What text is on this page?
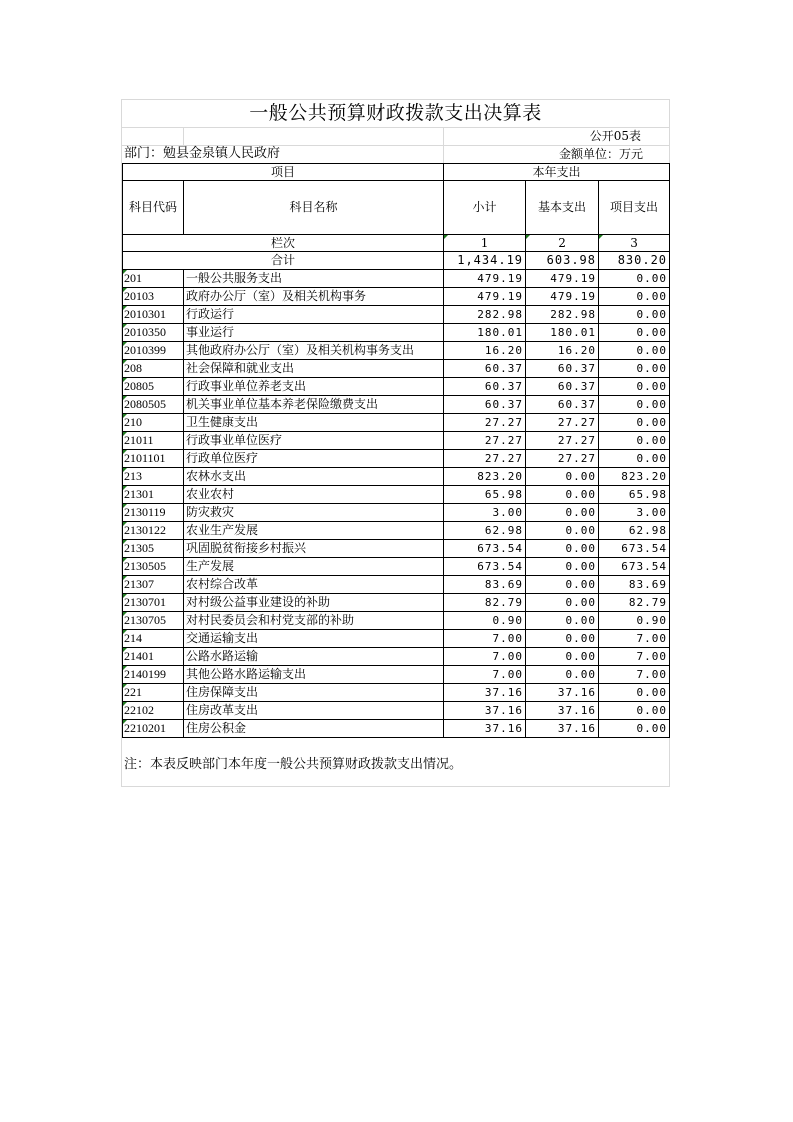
一般公共预算财政拨款支出决算表
公开05表
部门：勉县金泉镇人民政府	金额单位：万元
项目		本年支出		
科目代码	科目名称	小计	基本支出	项目支出
栏次		1	2	3
合计		1,434.19	603.98	830.20
201	一般公共服务支出	479.19	479.19	0.00
20103	政府办公厅（室）及相关机构事务	479.19	479.19	0.00
2010301	行政运行	282.98	282.98	0.00
2010350	事业运行	180.01	180.01	0.00
2010399	其他政府办公厅（室）及相关机构事务支出	16.20	16.20	0.00
208	社会保障和就业支出	60.37	60.37	0.00
20805	行政事业单位养老支出	60.37	60.37	0.00
2080505	机关事业单位基本养老保险缴费支出	60.37	60.37	0.00
210	卫生健康支出	27.27	27.27	0.00
21011	行政事业单位医疗	27.27	27.27	0.00
2101101	行政单位医疗	27.27	27.27	0.00
213	农林水支出	823.20	0.00	823.20
21301	农业农村	65.98	0.00	65.98
2130119	防灾救灾	3.00	0.00	3.00
2130122	农业生产发展	62.98	0.00	62.98
21305	巩固脱贫衔接乡村振兴	673.54	0.00	673.54
2130505	生产发展	673.54	0.00	673.54
21307	农村综合改革	83.69	0.00	83.69
2130701	对村级公益事业建设的补助	82.79	0.00	82.79
2130705	对村民委员会和村党支部的补助	0.90	0.00	0.90
214	交通运输支出	7.00	0.00	7.00
21401	公路水路运输	7.00	0.00	7.00
2140199	其他公路水路运输支出	7.00	0.00	7.00
221	住房保障支出	37.16	37.16	0.00
22102	住房改革支出	37.16	37.16	0.00
2210201	住房公积金	37.16	37.16	0.00
注：本表反映部门本年度一般公共预算财政拨款支出情况。
